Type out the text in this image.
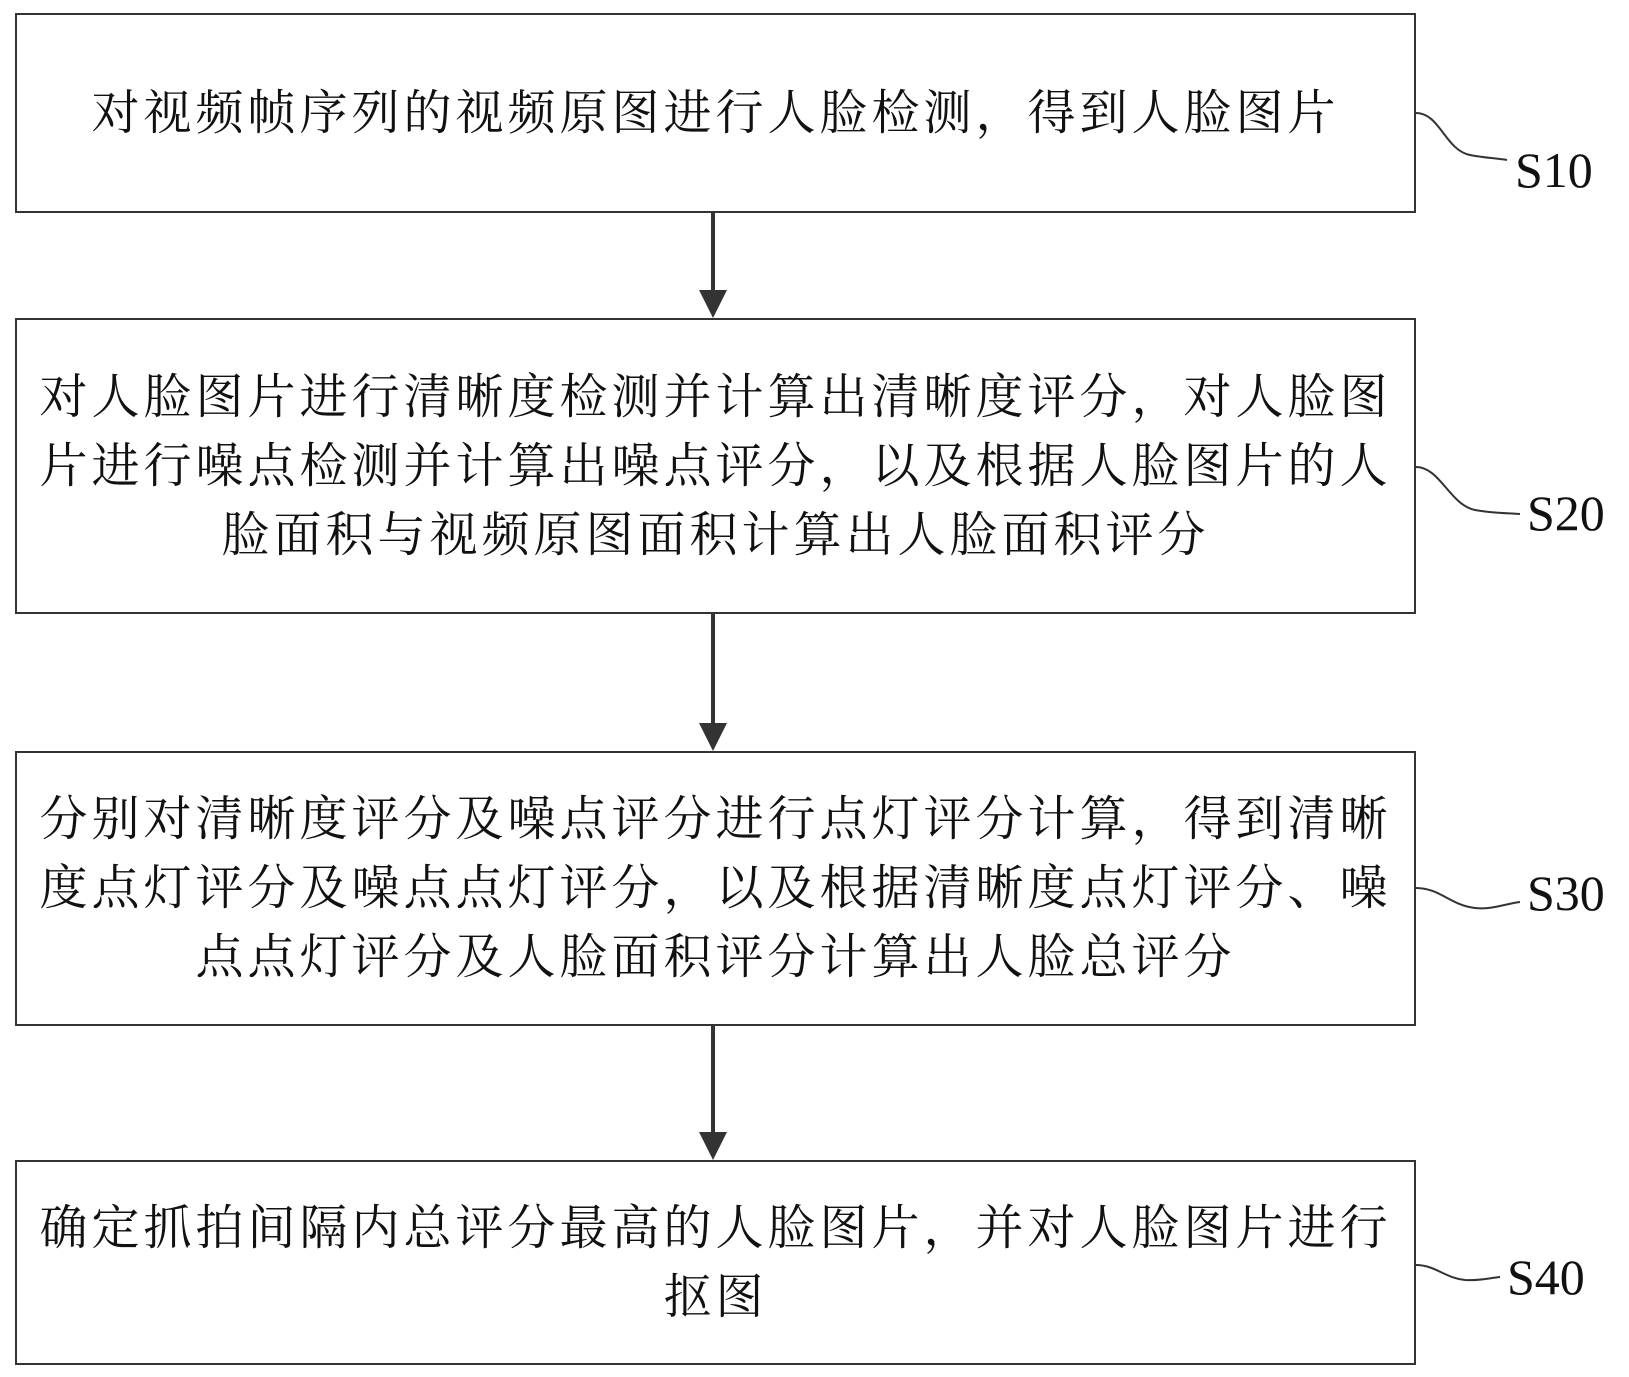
对视频帧序列的视频原图进行人脸检测，得到人脸图片
对人脸图片进行清晰度检测并计算出清晰度评分，对人脸图片进行噪点检测并计算出噪点评分，以及根据人脸图片的人脸面积与视频原图面积计算出人脸面积评分
分别对清晰度评分及噪点评分进行点灯评分计算，得到清晰度点灯评分及噪点点灯评分，以及根据清晰度点灯评分、噪点点灯评分及人脸面积评分计算出人脸总评分
确定抓拍间隔内总评分最高的人脸图片，并对人脸图片进行抠图
S10
S20
S30
S40
